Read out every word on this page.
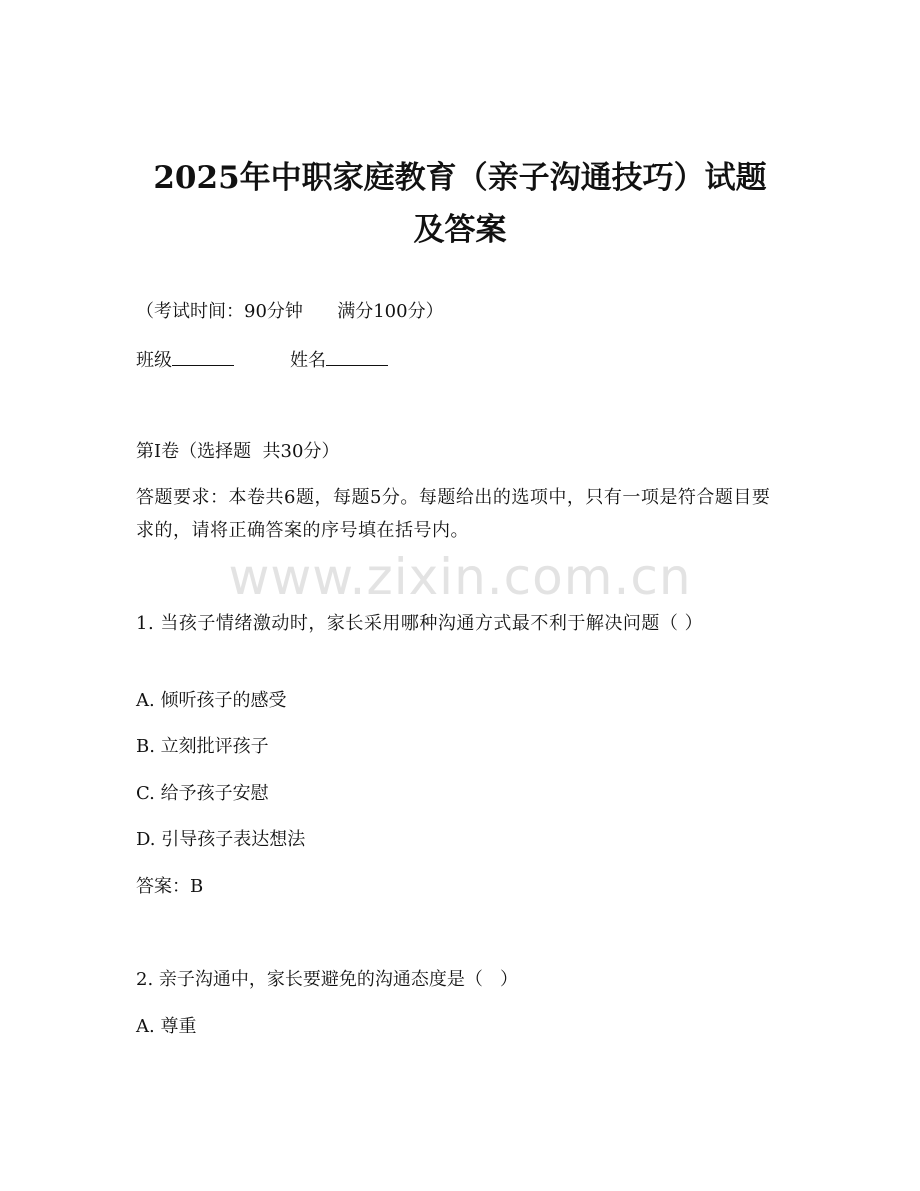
2025年中职家庭教育（亲子沟通技巧）试题
及答案

（考试时间：90分钟      满分100分）

班级	姓名

第I卷（选择题  共30分）

答题要求：本卷共6题，每题5分。每题给出的选项中，只有一项是符合题目要求的，请将正确答案的序号填在括号内。

www.zixin.com.cn

1. 当孩子情绪激动时，家长采用哪种沟通方式最不利于解决问题（ ）

A. 倾听孩子的感受

B. 立刻批评孩子

C. 给予孩子安慰

D. 引导孩子表达想法

答案：B

2. 亲子沟通中，家长要避免的沟通态度是（   ）

A. 尊重
